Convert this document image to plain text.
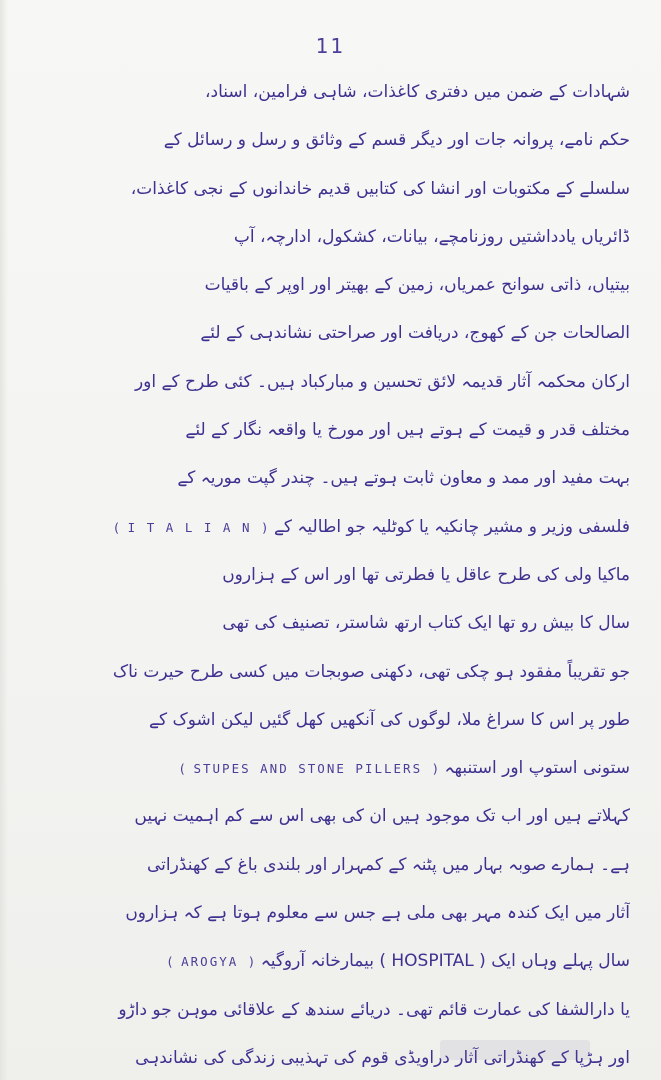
11
شہادات کے ضمن میں دفتری کاغذات، شاہی فرامین، اسناد،
حکم نامے، پروانہ جات اور دیگر قسم کے وثائق و رسل و رسائل کے
سلسلے کے مکتوبات اور انشا کی کتابیں قدیم خاندانوں کے نجی کاغذات،
ڈائریاں یادداشتیں روزنامچے، بیانات، کشکول، ادارچہ، آپ
بیتیاں، ذاتی سوانح عمریاں، زمین کے بھیتر اور اوپر کے باقیات
الصالحات جن کے کھوج، دریافت اور صراحتی نشاندہی کے لئے
ارکان محکمہ آثار قدیمہ لائق تحسین و مبارکباد ہیں۔ کئی طرح کے اور
مختلف قدر و قیمت کے ہوتے ہیں اور مورخ یا واقعہ نگار کے لئے
بہت مفید اور ممد و معاون ثابت ہوتے ہیں۔ چندر گپت موریہ کے
فلسفی وزیر و مشیر چانکیہ یا کوٹلیہ جو اطالیہ کے ( I T A L I A N )
ماکیا ولی کی طرح عاقل یا فطرتی تھا اور اس کے ہزاروں
سال کا بیش رو تھا ایک کتاب ارتھ شاستر، تصنیف کی تھی
جو تقریباً مفقود ہو چکی تھی، دکھنی صوبجات میں کسی طرح حیرت ناک
طور پر اس کا سراغ ملا، لوگوں کی آنکھیں کھل گئیں لیکن اشوک کے
ستونی استوپ اور استنبھہ ( STUPES AND STONE PILLERS )
کہلاتے ہیں اور اب تک موجود ہیں ان کی بھی اس سے کم اہمیت نہیں
ہے۔ ہمارے صوبہ بہار میں پٹنہ کے کمہرار اور بلندی باغ کے کھنڈراتی
آثار میں ایک کندہ مہر بھی ملی ہے جس سے معلوم ہوتا ہے کہ ہزاروں
سال پہلے وہاں ایک ( HOSPITAL ) بیمارخانہ آروگیہ ( AROGYA )
یا دارالشفا کی عمارت قائم تھی۔ دریائے سندھ کے علاقائی موہن جو داڑو
اور ہڑپا کے کھنڈراتی آثار دراویڈی قوم کی تہذیبی زندگی کی نشاندہی
